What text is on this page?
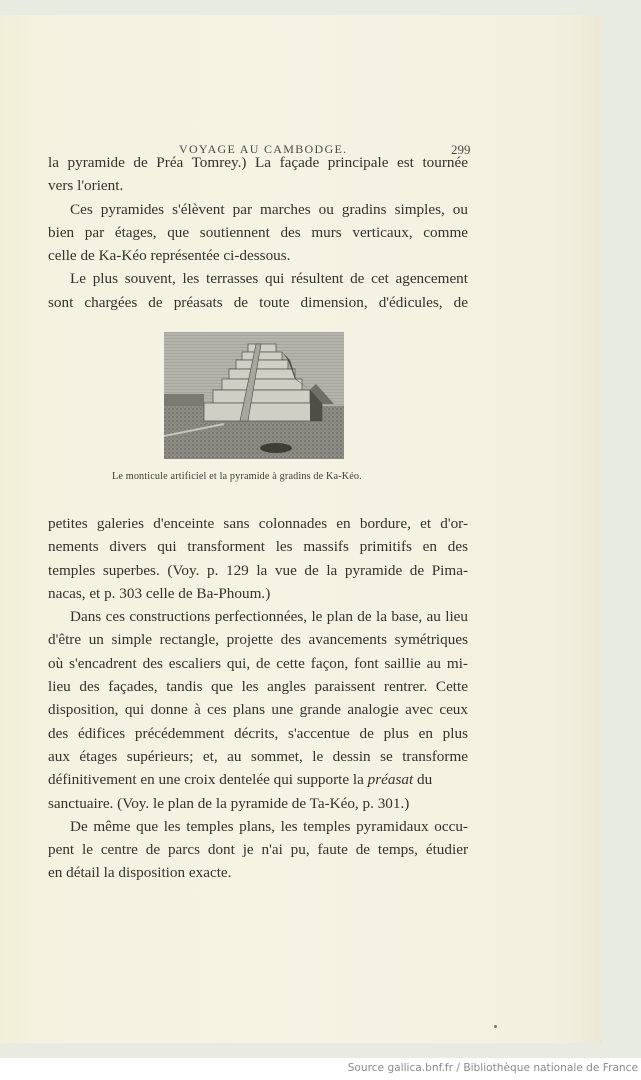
VOYAGE AU CAMBODGE.	299
la pyramide de Préa Tomrey.) La façade principale est tournée
vers l'orient.
Ces pyramides s'élèvent par marches ou gradins simples, ou
bien par étages, que soutiennent des murs verticaux, comme
celle de Ka-Kéo représentée ci-dessous.
Le plus souvent, les terrasses qui résultent de cet agencement
sont chargées de préasats de toute dimension, d'édicules, de
Le monticule artificiel et la pyramide à gradins de Ka-Kéo.
petites galeries d'enceinte sans colonnades en bordure, et d'or-
nements divers qui transforment les massifs primitifs en des
temples superbes. (Voy. p. 129 la vue de la pyramide de Pima-
nacas, et p. 303 celle de Ba-Phoum.)
Dans ces constructions perfectionnées, le plan de la base, au lieu
d'être un simple rectangle, projette des avancements symétriques
où s'encadrent des escaliers qui, de cette façon, font saillie au mi-
lieu des façades, tandis que les angles paraissent rentrer. Cette
disposition, qui donne à ces plans une grande analogie avec ceux
des édifices précédemment décrits, s'accentue de plus en plus
aux étages supérieurs; et, au sommet, le dessin se transforme
définitivement en une croix dentelée qui supporte la préasat du
sanctuaire. (Voy. le plan de la pyramide de Ta-Kéo, p. 301.)
De même que les temples plans, les temples pyramidaux occu-
pent le centre de parcs dont je n'ai pu, faute de temps, étudier
en détail la disposition exacte.
Source gallica.bnf.fr / Bibliothèque nationale de France
